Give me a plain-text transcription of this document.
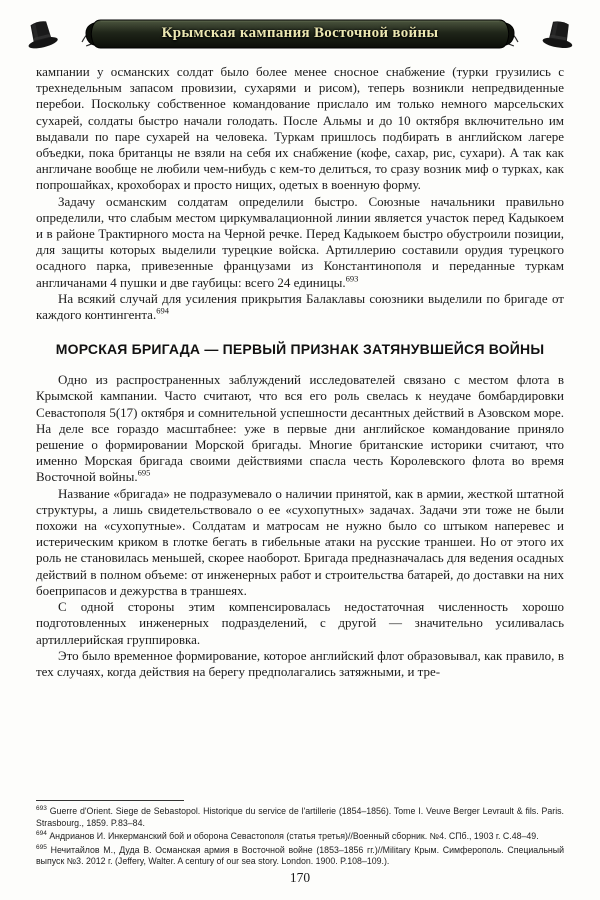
Крымская кампания Восточной войны

кампании у османских солдат было более менее сносное снабжение (турки грузились с трехнедельным запасом провизии, сухарями и рисом), теперь возникли непредвиденные перебои. Поскольку собственное командование прислало им только немного марсельских сухарей, солдаты быстро начали голодать. После Альмы и до 10 октября включительно им выдавали по паре сухарей на человека. Туркам пришлось подбирать в английском лагере объедки, пока британцы не взяли на себя их снабжение (кофе, сахар, рис, сухари). А так как англичане вообще не любили чем-нибудь с кем-то делиться, то сразу возник миф о турках, как попрошайках, крохоборах и просто нищих, одетых в военную форму.

Задачу османским солдатам определили быстро. Союзные начальники правильно определили, что слабым местом циркумвалационной линии является участок перед Кадыкоем и в районе Трактирного моста на Черной речке. Перед Кадыкоем быстро обустроили позиции, для защиты которых выделили турецкие войска. Артиллерию составили орудия турецкого осадного парка, привезенные французами из Константинополя и переданные туркам англичанами 4 пушки и две гаубицы: всего 24 единицы.$^{693}$

На всякий случай для усиления прикрытия Балаклавы союзники выделили по бригаде от каждого контингента.$^{694}$

МОРСКАЯ БРИГАДА — ПЕРВЫЙ ПРИЗНАК ЗАТЯНУВШЕЙСЯ ВОЙНЫ

Одно из распространенных заблуждений исследователей связано с местом флота в Крымской кампании. Часто считают, что вся его роль свелась к неудаче бомбардировки Севастополя 5(17) октября и сомнительной успешности десантных действий в Азовском море. На деле все гораздо масштабнее: уже в первые дни английское командование приняло решение о формировании Морской бригады. Многие британские историки считают, что именно Морская бригада своими действиями спасла честь Королевского флота во время Восточной войны.$^{695}$

Название «бригада» не подразумевало о наличии принятой, как в армии, жесткой штатной структуры, а лишь свидетельствовало о ее «сухопутных» задачах. Задачи эти тоже не были похожи на «сухопутные». Солдатам и матросам не нужно было со штыком наперевес и истерическим криком в глотке бегать в гибельные атаки на русские траншеи. Но от этого их роль не становилась меньшей, скорее наоборот. Бригада предназначалась для ведения осадных действий в полном объеме: от инженерных работ и строительства батарей, до доставки на них боеприпасов и дежурства в траншеях.

С одной стороны этим компенсировалась недостаточная численность хорошо подготовленных инженерных подразделений, с другой — значительно усиливалась артиллерийская группировка.

Это было временное формирование, которое английский флот образовывал, как правило, в тех случаях, когда действия на берегу предполагались затяжными, и тре-

$^{693}$ Guerre d'Orient. Siege de Sebastopol. Historique du service de l'artillerie (1854–1856). Tome I. Veuve Berger Levrault & fils. Paris. Strasbourg., 1859. P.83–84.

$^{694}$ Андрианов И. Инкерманский бой и оборона Севастополя (статья третья)//Военный сборник. №4. СПб., 1903 г. С.48–49.

$^{695}$ Нечитайлов М., Дуда В. Османская армия в Восточной войне (1853–1856 гг.)//Military Крым. Симферополь. Специальный выпуск №3. 2012 г. (Jeffery, Walter. A century of our sea story. London. 1900. P.108–109.).

170
